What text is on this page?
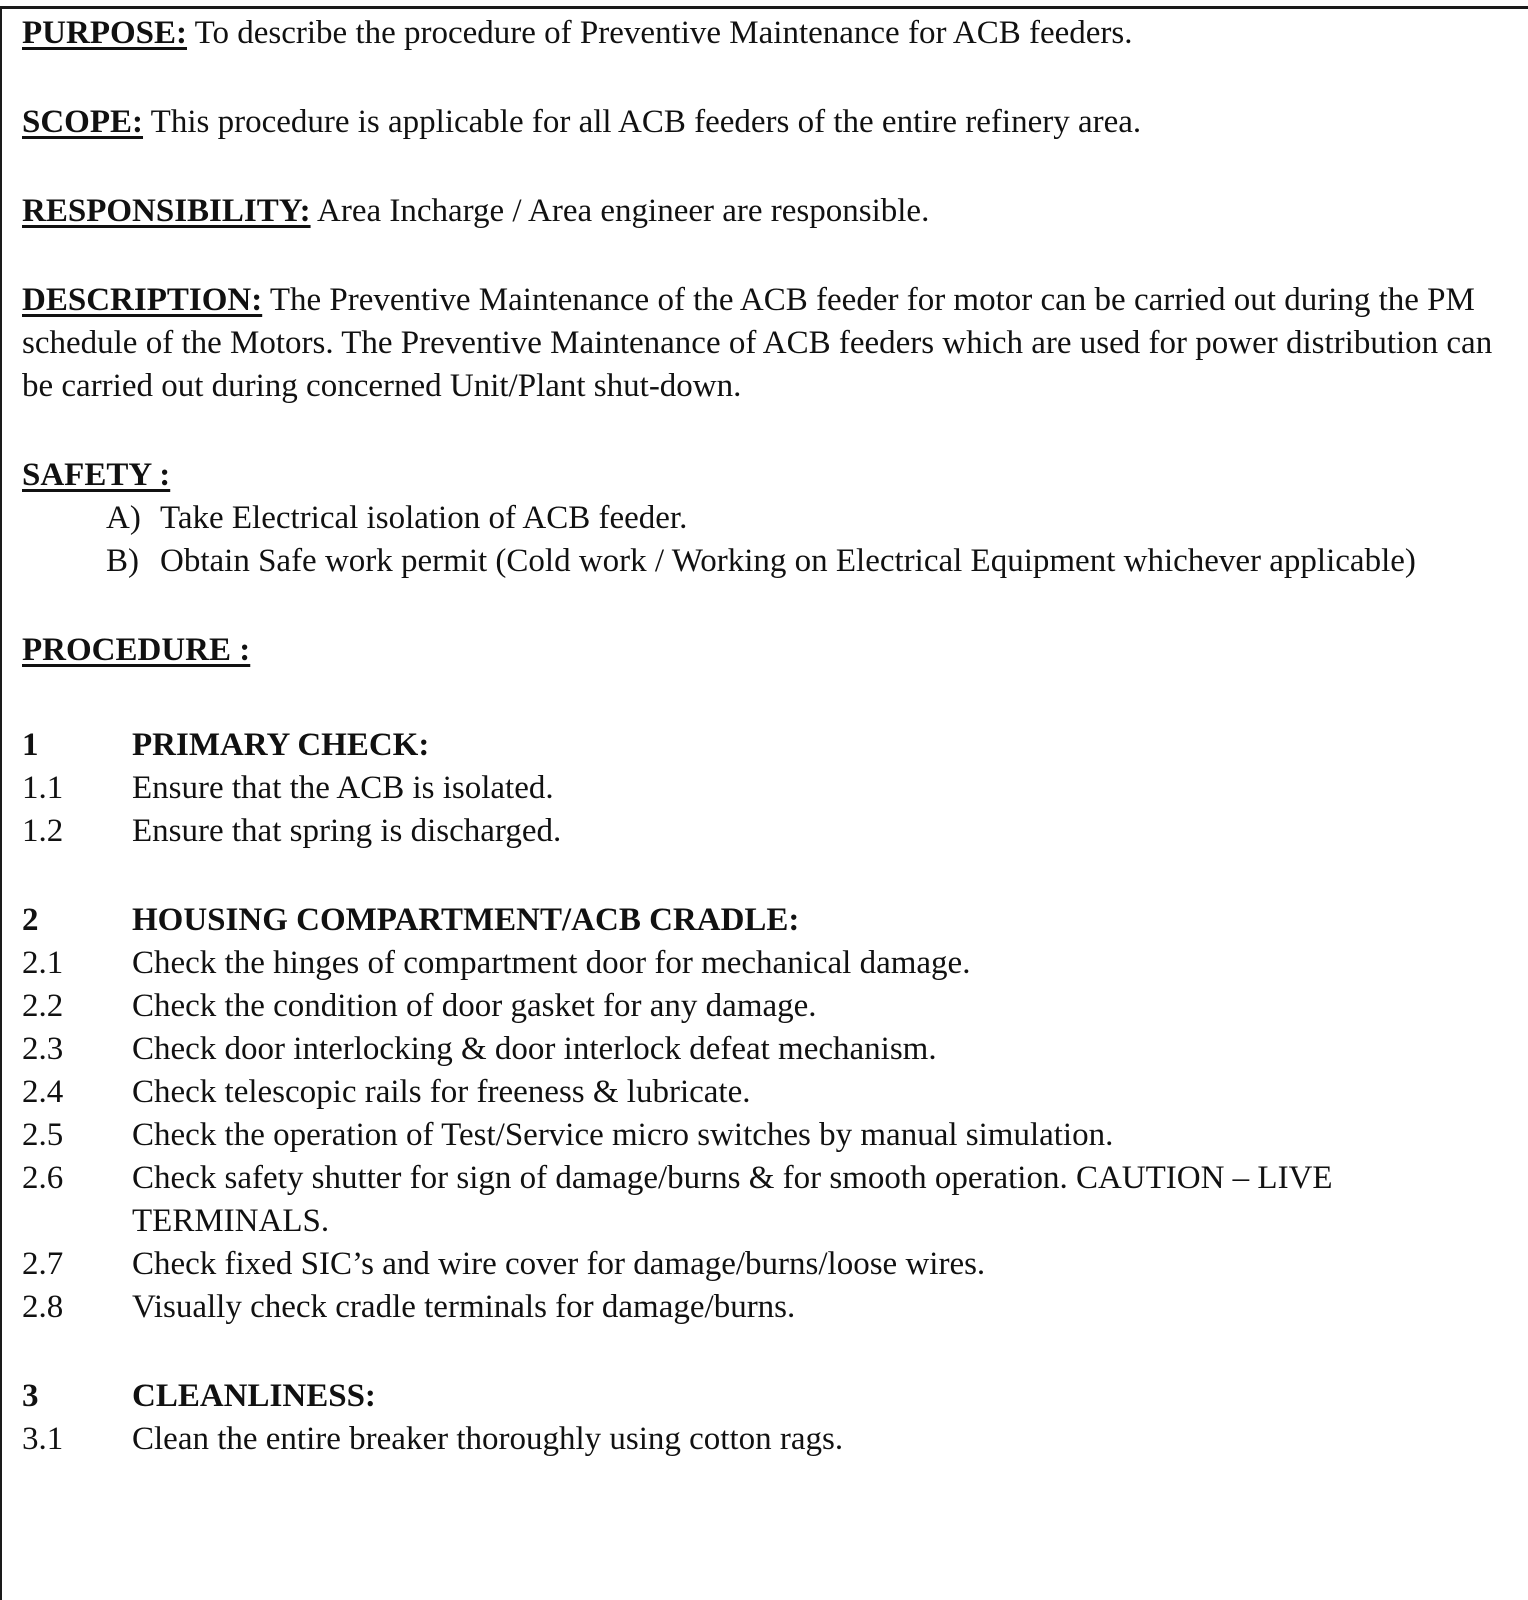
PURPOSE: To describe the procedure of Preventive Maintenance for ACB feeders.

SCOPE: This procedure is applicable for all ACB feeders of the entire refinery area.

RESPONSIBILITY: Area Incharge / Area engineer are responsible.

DESCRIPTION: The Preventive Maintenance of the ACB feeder for motor can be carried out during the PM schedule of the Motors. The Preventive Maintenance of ACB feeders which are used for power distribution can be carried out during concerned Unit/Plant shut-down.

SAFETY :
A) Take Electrical isolation of ACB feeder.
B) Obtain Safe work permit (Cold work / Working on Electrical Equipment whichever applicable)
PROCEDURE :
1	PRIMARY CHECK:
1.1 Ensure that the ACB is isolated.
1.2 Ensure that spring is discharged.
2	HOUSING COMPARTMENT/ACB CRADLE:
2.1 Check the hinges of compartment door for mechanical damage.
2.2 Check the condition of door gasket for any damage.
2.3 Check door interlocking & door interlock defeat mechanism.
2.4 Check telescopic rails for freeness & lubricate.
2.5 Check the operation of Test/Service micro switches by manual simulation.
2.6 Check safety shutter for sign of damage/burns & for smooth operation. CAUTION – LIVE TERMINALS.
2.7 Check fixed SIC’s and wire cover for damage/burns/loose wires.
2.8 Visually check cradle terminals for damage/burns.
3	CLEANLINESS:
3.1 Clean the entire breaker thoroughly using cotton rags.
